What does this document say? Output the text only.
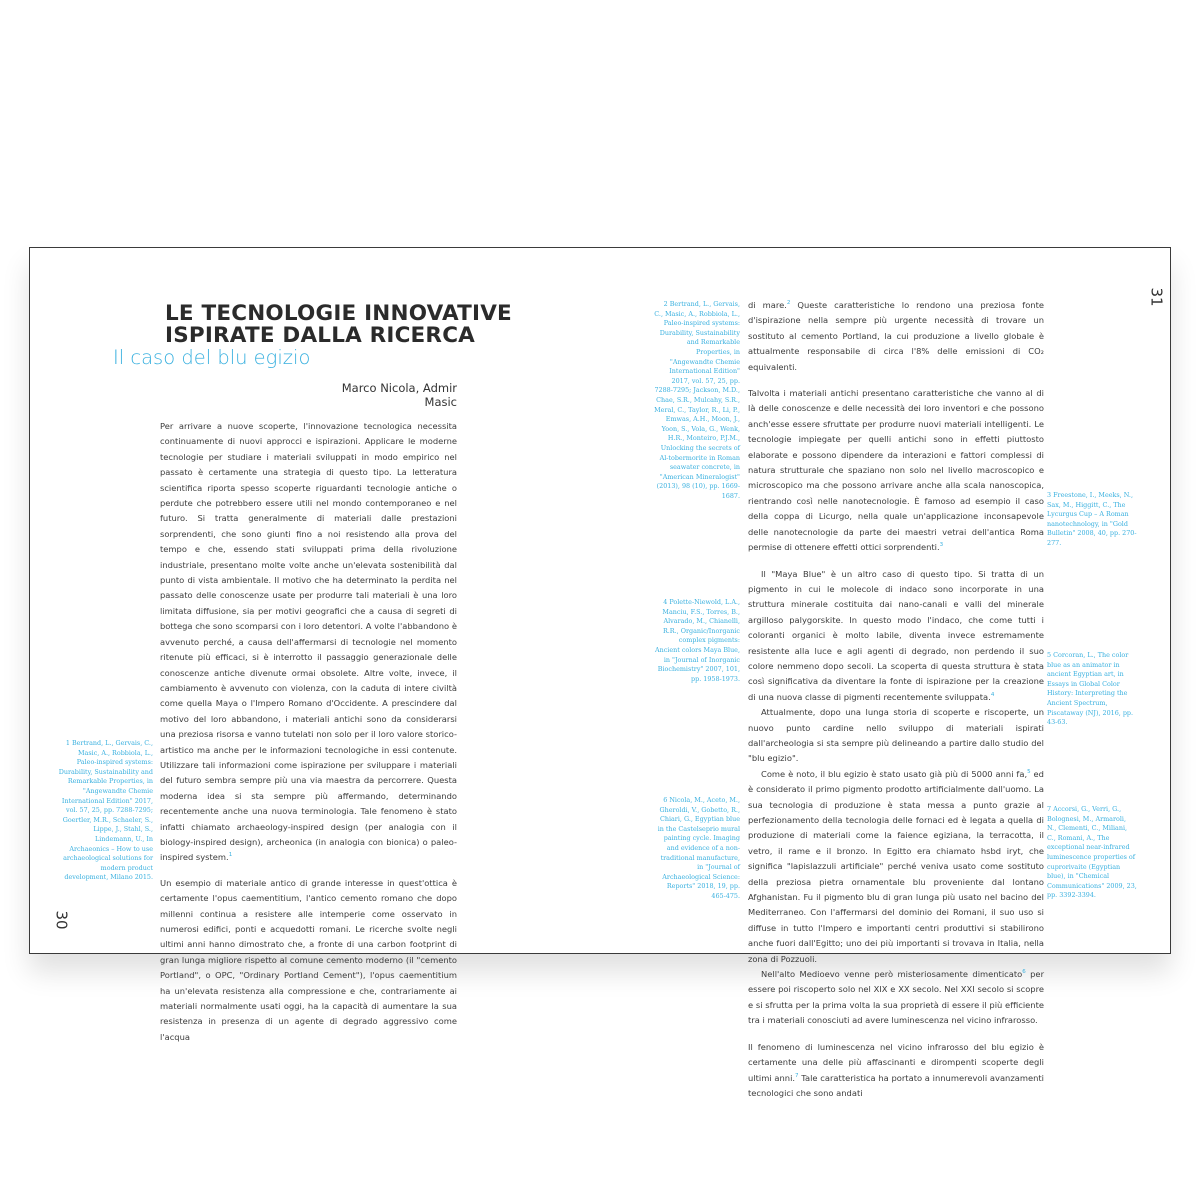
30
31
LE TECNOLOGIE INNOVATIVE
ISPIRATE DALLA RICERCA
Il caso del blu egizio
Marco Nicola, Admir Masic

Per arrivare a nuove scoperte, l'innovazione tecnologica necessita continuamente di nuovi approcci e ispirazioni. Applicare le moderne tecnologie per studiare i materiali sviluppati in modo empirico nel passato è certamente una strategia di questo tipo. La letteratura scientifica riporta spesso scoperte riguardanti tecnologie antiche o perdute che potrebbero essere utili nel mondo contemporaneo e nel futuro. Si tratta generalmente di materiali dalle prestazioni sorprendenti, che sono giunti fino a noi resistendo alla prova del tempo e che, essendo stati sviluppati prima della rivoluzione industriale, presentano molte volte anche un'elevata sostenibilità dal punto di vista ambientale. Il motivo che ha determinato la perdita nel passato delle conoscenze usate per produrre tali materiali è una loro limitata diffusione, sia per motivi geografici che a causa di segreti di bottega che sono scomparsi con i loro detentori. A volte l'abbandono è avvenuto perché, a causa dell'affermarsi di tecnologie nel momento ritenute più efficaci, si è interrotto il passaggio generazionale delle conoscenze antiche divenute ormai obsolete. Altre volte, invece, il cambiamento è avvenuto con violenza, con la caduta di intere civiltà come quella Maya o l'Impero Romano d'Occidente. A prescindere dal motivo del loro abbandono, i materiali antichi sono da considerarsi una preziosa risorsa e vanno tutelati non solo per il loro valore storico-artistico ma anche per le informazioni tecnologiche in essi contenute. Utilizzare tali informazioni come ispirazione per sviluppare i materiali del futuro sembra sempre più una via maestra da percorrere. Questa moderna idea si sta sempre più affermando, determinando recentemente anche una nuova terminologia. Tale fenomeno è stato infatti chiamato archaeology-inspired design (per analogia con il biology-inspired design), archeonica (in analogia con bionica) o paleo-inspired system.$^1$

Un esempio di materiale antico di grande interesse in quest'ottica è certamente l'opus caementitium, l'antico cemento romano che dopo millenni continua a resistere alle intemperie come osservato in numerosi edifici, ponti e acquedotti romani. Le ricerche svolte negli ultimi anni hanno dimostrato che, a fronte di una carbon footprint di gran lunga migliore rispetto al comune cemento moderno (il "cemento Portland", o OPC, "Ordinary Portland Cement"), l'opus caementitium ha un'elevata resistenza alla compressione e che, contrariamente ai materiali normalmente usati oggi, ha la capacità di aumentare la sua resistenza in presenza di un agente di degrado aggressivo come l'acqua

1 Bertrand, L., Gervais, C., Masic, A., Robbiola, L., Paleo-inspired systems: Durability, Sustainability and Remarkable Properties, in "Angewandte Chemie International Edition" 2017, vol. 57, 25, pp. 7288-7295; Goertler, M.R., Schaeler, S., Lippe, J., Stahl, S., Lindemann, U., In Archaeonics – How to use archaeological solutions for modern product development, Milano 2015.
2 Bertrand, L., Gervais, C., Masic, A., Robbiola, L., Paleo-inspired systems: Durability, Sustainability and Remarkable Properties, in "Angewandte Chemie International Edition" 2017, vol. 57, 25, pp. 7288-7295; Jackson, M.D., Chae, S.R., Mulcahy, S.R., Meral, C., Taylor, R., Li, P., Emwas, A.H., Moon, J., Yoon, S., Vola, G., Wenk, H.R., Monteiro, P.J.M., Unlocking the secrets of Al-tobermorite in Roman seawater concrete, in "American Mineralogist" (2013), 98 (10), pp. 1669-1687.
4 Polette-Niewold, L.A., Manciu, F.S., Torres, B., Alvarado, M., Chianelli, R.R., Organic/Inorganic complex pigments: Ancient colors Maya Blue, in "Journal of Inorganic Biochemistry" 2007, 101, pp. 1958-1973.
6 Nicola, M., Aceto, M., Gheroldi, V., Gobetto, R., Chiari, G., Egyptian blue in the Castelseprio mural painting cycle. Imaging and evidence of a non-traditional manufacture, in "Journal of Archaeological Science: Reports" 2018, 19, pp. 465-475.

di mare.$^2$ Queste caratteristiche lo rendono una preziosa fonte d'ispirazione nella sempre più urgente necessità di trovare un sostituto al cemento Portland, la cui produzione a livello globale è attualmente responsabile di circa l'8% delle emissioni di CO₂ equivalenti.

Talvolta i materiali antichi presentano caratteristiche che vanno al di là delle conoscenze e delle necessità dei loro inventori e che possono anch'esse essere sfruttate per produrre nuovi materiali intelligenti. Le tecnologie impiegate per quelli antichi sono in effetti piuttosto elaborate e possono dipendere da interazioni e fattori complessi di natura strutturale che spaziano non solo nel livello macroscopico e microscopico ma che possono arrivare anche alla scala nanoscopica, rientrando così nelle nanotecnologie. È famoso ad esempio il caso della coppa di Licurgo, nella quale un'applicazione inconsapevole delle nanotecnologie da parte dei maestri vetrai dell'antica Roma permise di ottenere effetti ottici sorprendenti.$^3$

Il "Maya Blue" è un altro caso di questo tipo. Si tratta di un pigmento in cui le molecole di indaco sono incorporate in una struttura minerale costituita dai nano-canali e valli del minerale argilloso palygorskite. In questo modo l'indaco, che come tutti i coloranti organici è molto labile, diventa invece estremamente resistente alla luce e agli agenti di degrado, non perdendo il suo colore nemmeno dopo secoli. La scoperta di questa struttura è stata così significativa da diventare la fonte di ispirazione per la creazione di una nuova classe di pigmenti recentemente sviluppata.$^4$

Attualmente, dopo una lunga storia di scoperte e riscoperte, un nuovo punto cardine nello sviluppo di materiali ispirati dall'archeologia si sta sempre più delineando a partire dallo studio del "blu egizio".

Come è noto, il blu egizio è stato usato già più di 5000 anni fa,$^5$ ed è considerato il primo pigmento prodotto artificialmente dall'uomo. La sua tecnologia di produzione è stata messa a punto grazie al perfezionamento della tecnologia delle fornaci ed è legata a quella di produzione di materiali come la faience egiziana, la terracotta, il vetro, il rame e il bronzo. In Egitto era chiamato hsbd iryt, che significa "lapislazzuli artificiale" perché veniva usato come sostituto della preziosa pietra ornamentale blu proveniente dal lontano Afghanistan. Fu il pigmento blu di gran lunga più usato nel bacino del Mediterraneo. Con l'affermarsi del dominio dei Romani, il suo uso si diffuse in tutto l'Impero e importanti centri produttivi si stabilirono anche fuori dall'Egitto; uno dei più importanti si trovava in Italia, nella zona di Pozzuoli.

Nell'alto Medioevo venne però misteriosamente dimenticato$^6$ per essere poi riscoperto solo nel XIX e XX secolo. Nel XXI secolo si scopre e si sfrutta per la prima volta la sua proprietà di essere il più efficiente tra i materiali conosciuti ad avere luminescenza nel vicino infrarosso.

Il fenomeno di luminescenza nel vicino infrarosso del blu egizio è certamente una delle più affascinanti e dirompenti scoperte degli ultimi anni.$^7$ Tale caratteristica ha portato a innumerevoli avanzamenti tecnologici che sono andati

3 Freestone, I., Meeks, N., Sax, M., Higgitt, C., The Lycurgus Cup – A Roman nanotechnology, in "Gold Bulletin" 2008, 40, pp. 270-277.
5 Corcoran, L., The color blue as an animator in ancient Egyptian art, in Essays in Global Color History: Interpreting the Ancient Spectrum, Piscataway (NJ), 2016, pp. 43-63.
7 Accorsi, G., Verri, G., Bolognesi, M., Armaroli, N., Clementi, C., Miliani, C., Romani, A., The exceptional near-infrared luminescence properties of cuprorivaite (Egyptian blue), in "Chemical Communications" 2009, 23, pp. 3392-3394.
